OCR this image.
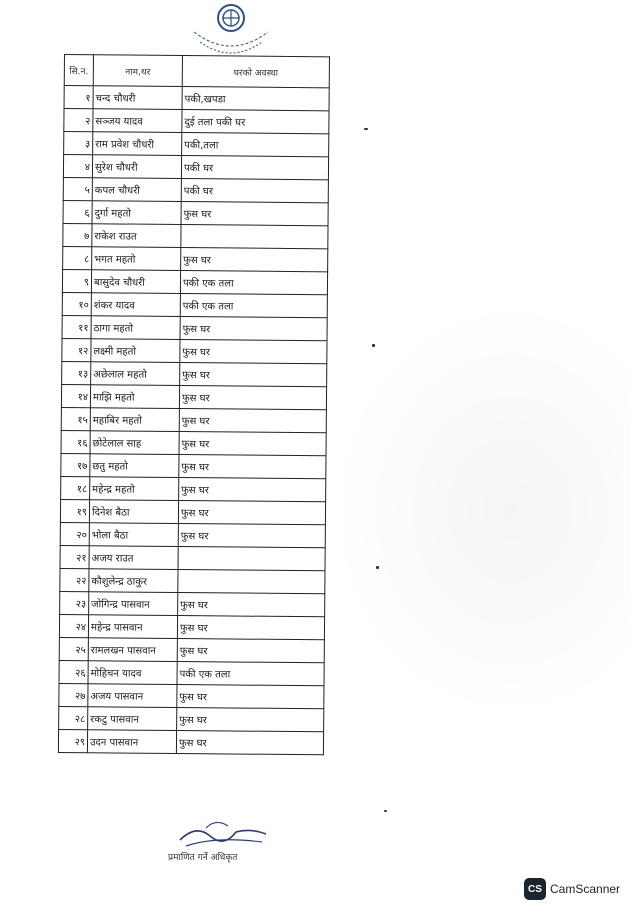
सि.न.	नाम,थर	घरको अवस्था
१	चन्द चौधरी	पकी,खपडा
२	सञ्जय यादव	दुई तला पकी घर
३	राम प्रवेश चौधरी	पकी,तला
४	सुरेश चौधरी	पकी घर
५	कपल चौधरी	पकी घर
६	दुर्गा महतो	फुस घर
७	राकेश राउत	
८	भगत महतो	फुस घर
९	बासुदेव चौधरी	पकी एक तला
१०	शंकर यादव	पकी एक तला
११	ठागा महतो	फुस घर
१२	लक्ष्मी महतो	फुस घर
१३	अछेलाल महतो	फुस घर
१४	माझि महतो	फुस घर
१५	महाबिर महतो	फुस घर
१६	छोटेलाल साह	फुस घर
१७	छतु महतो	फुस घर
१८	महेन्द्र महतो	फुस घर
१९	दिनेश बैठा	फुस घर
२०	भोला बैठा	फुस घर
२१	अजय राउत	
२२	कौशुलेन्द्र ठाकुर	
२३	जोगिन्द्र पासवान	फुस घर
२४	महेन्द्र पासवान	फुस घर
२५	रामलखन पासवान	फुस घर
२६	मोहिचन यादव	पकी एक तला
२७	अजय पासवान	फुस घर
२८	रकटु पासवान	फुस घर
२९	उदन पासवान	फुस घर
प्रमाणित गर्ने अधिकृत
CS CamScanner
